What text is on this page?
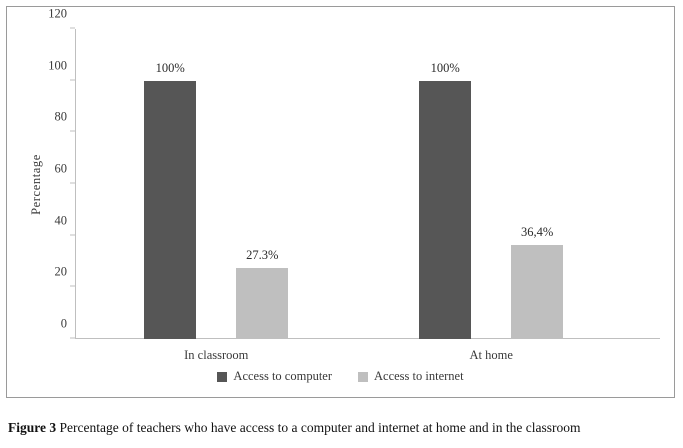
Percentage
0
20
40
60
80
100
120
100%
27.3%
In classroom
100%
36,4%
At home
Access to computer	Access to internet
Figure 3 Percentage of teachers who have access to a computer and internet at home and in the classroom
